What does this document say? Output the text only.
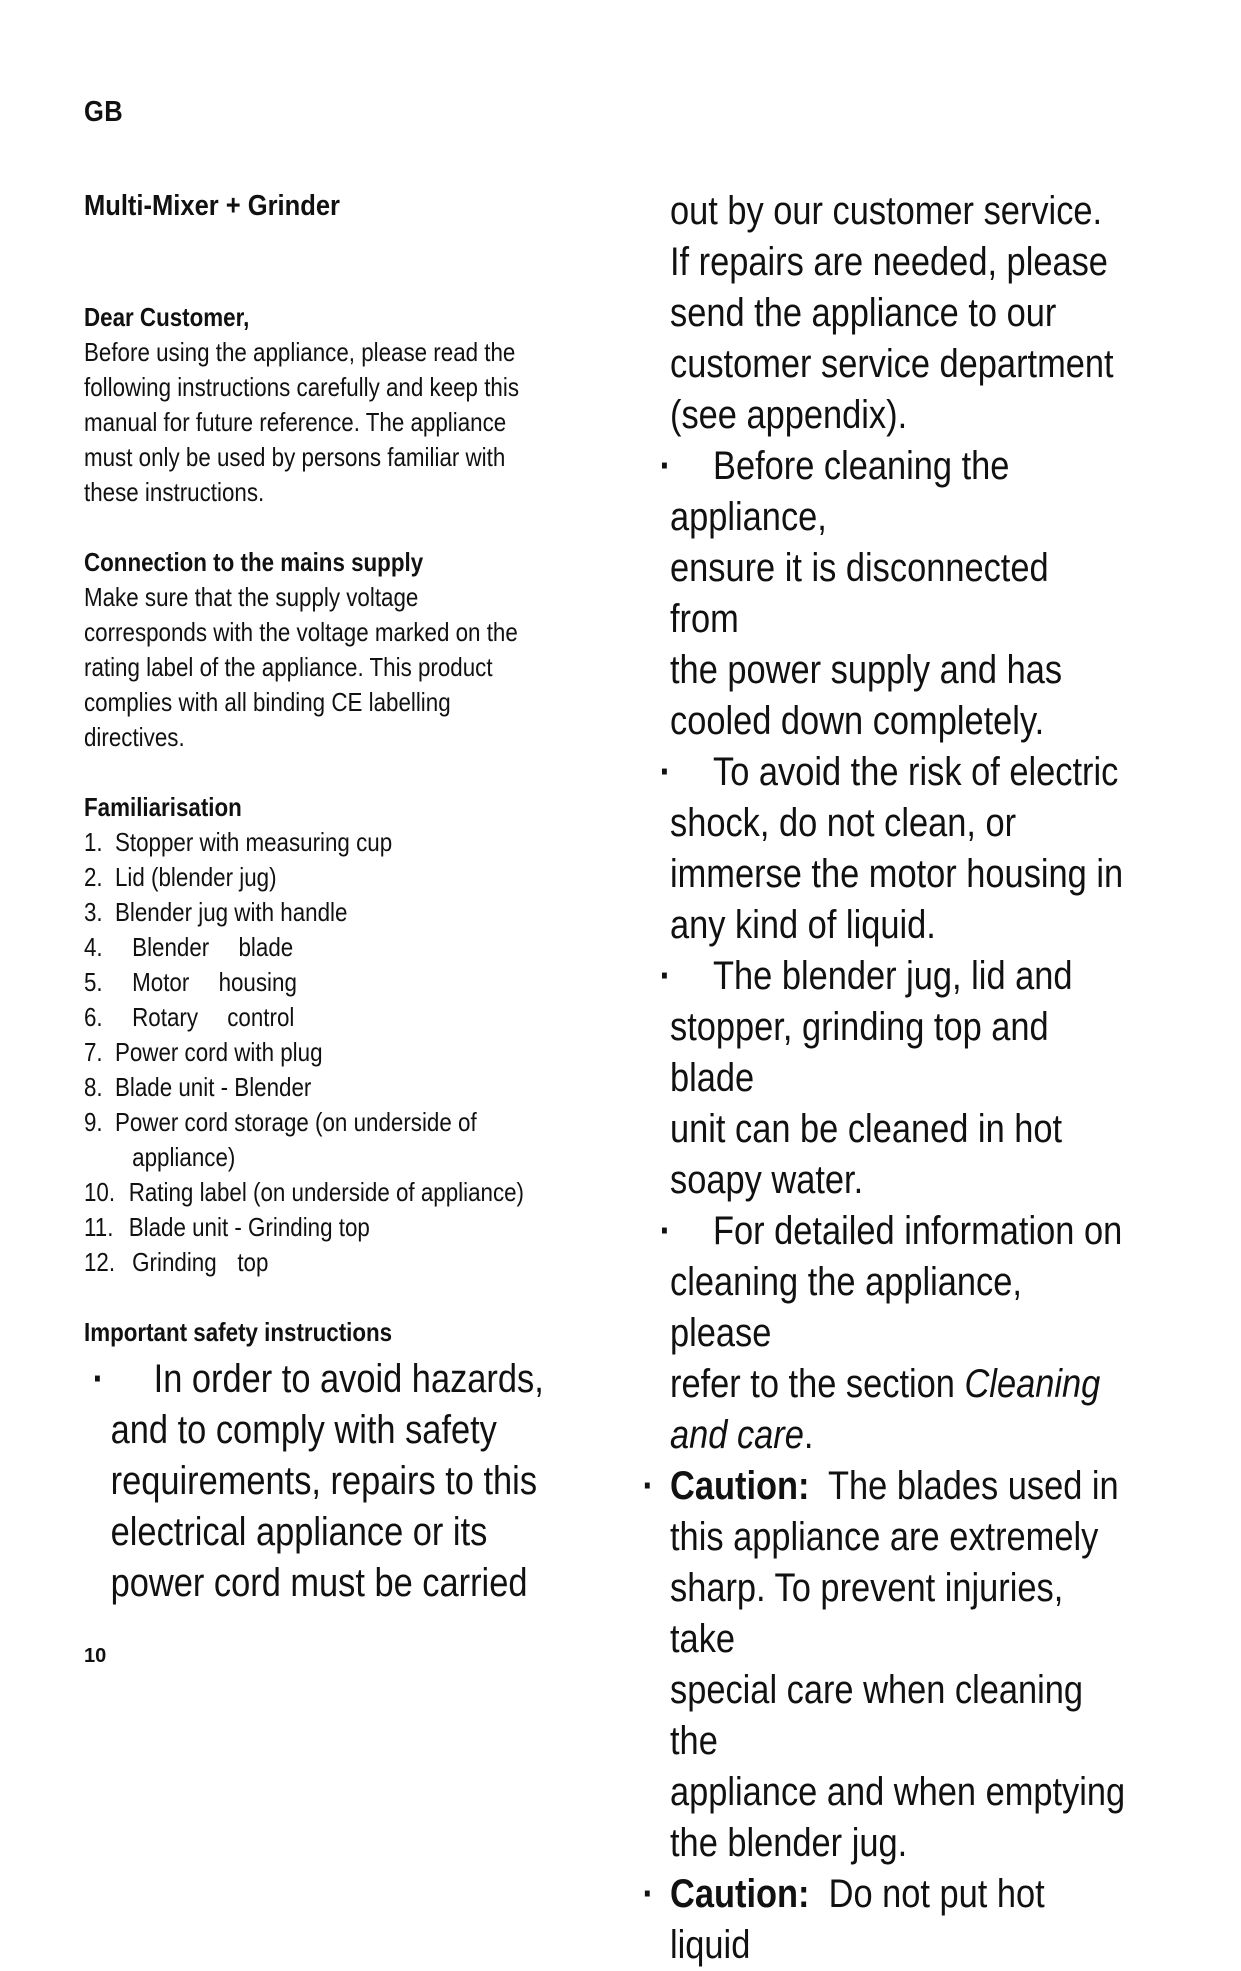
GB
Multi-Mixer + Grinder
Dear Customer,
Before using the appliance, please read the
following instructions carefully and keep this
manual for future reference. The appliance
must only be used by persons familiar with
these instructions.
Connection to the mains supply
Make sure that the supply voltage
corresponds with the voltage marked on the
rating label of the appliance. This product
complies with all binding CE labelling
directives.
Familiarisation
1. Stopper with measuring cup
2. Lid (blender jug)
3. Blender jug with handle
4. Blender blade
5. Motor housing
6. Rotary control
7. Power cord with plug
8. Blade unit - Blender
9. Power cord storage (on underside of
appliance)
10. Rating label (on underside of appliance)
11. Blade unit - Grinding top
12. Grinding top
Important safety instructions
·	In order to avoid hazards,
and to comply with safety
requirements, repairs to this
electrical appliance or its
power cord must be carried
out by our customer service.
If repairs are needed, please
send the appliance to our
customer service department
(see appendix).
·	Before cleaning the appliance,
ensure it is disconnected from
the power supply and has
cooled down completely.
·	To avoid the risk of electric
shock, do not clean, or
immerse the motor housing in
any kind of liquid.
·	The blender jug, lid and
stopper, grinding top and blade
unit can be cleaned in hot
soapy water.
·	For detailed information on
cleaning the appliance, please
refer to the section Cleaning
and care.
· Caution: The blades used in
this appliance are extremely
sharp. To prevent injuries, take
special care when cleaning the
appliance and when emptying
the blender jug.
· Caution: Do not put hot liquid
10
